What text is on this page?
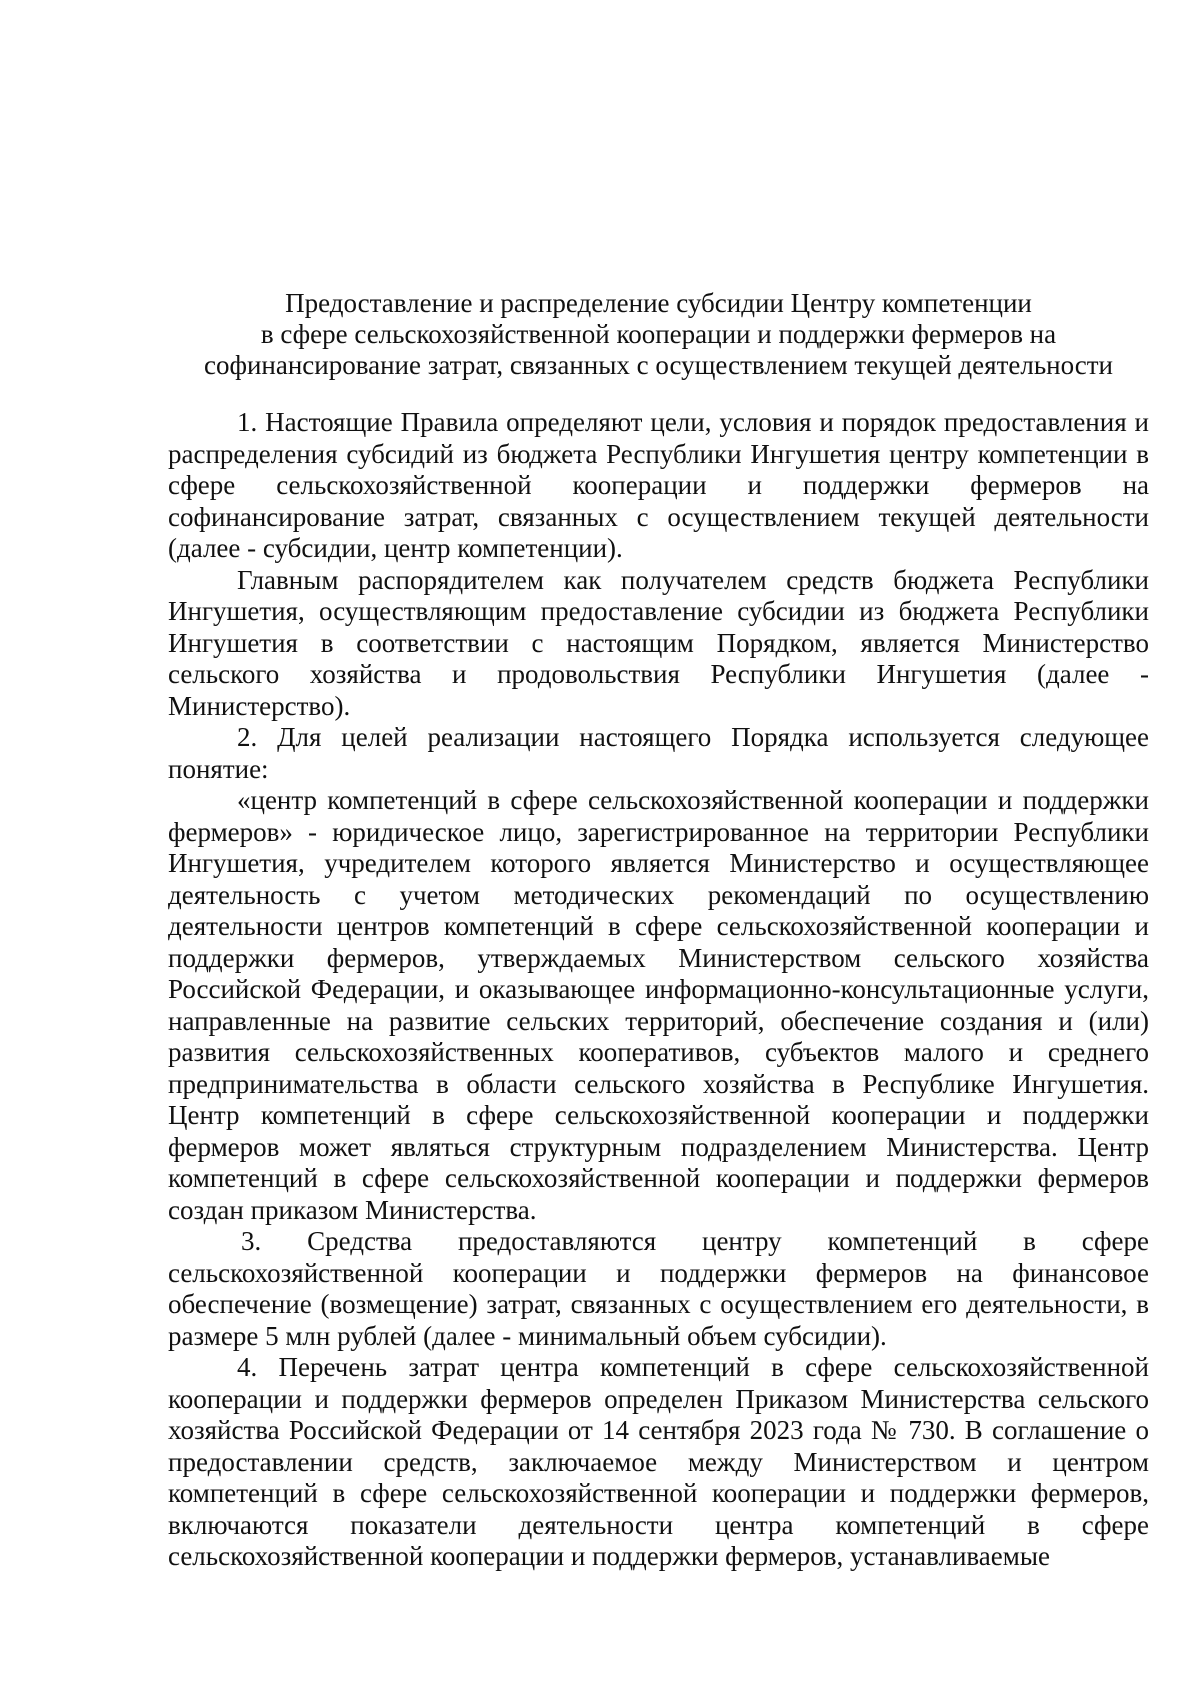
Предоставление и распределение субсидии Центру компетенции
в сфере сельскохозяйственной кооперации и поддержки фермеров на
софинансирование затрат, связанных с осуществлением текущей деятельности

1. Настоящие Правила определяют цели, условия и порядок предоставления и распределения субсидий из бюджета Республики Ингушетия центру компетенции в сфере сельскохозяйственной кооперации и поддержки фермеров на софинансирование затрат, связанных с осуществлением текущей деятельности (далее - субсидии, центр компетенции).

Главным распорядителем как получателем средств бюджета Республики Ингушетия, осуществляющим предоставление субсидии из бюджета Республики Ингушетия в соответствии с настоящим Порядком, является Министерство сельского хозяйства и продовольствия Республики Ингушетия (далее - Министерство).

2. Для целей реализации настоящего Порядка используется следующее понятие:

«центр компетенций в сфере сельскохозяйственной кооперации и поддержки фермеров» - юридическое лицо, зарегистрированное на территории Республики Ингушетия, учредителем которого является Министерство и осуществляющее деятельность с учетом методических рекомендаций по осуществлению деятельности центров компетенций в сфере сельскохозяйственной кооперации и поддержки фермеров, утверждаемых Министерством сельского хозяйства Российской Федерации, и оказывающее информационно-консультационные услуги, направленные на развитие сельских территорий, обеспечение создания и (или) развития сельскохозяйственных кооперативов, субъектов малого и среднего предпринимательства в области сельского хозяйства в Республике Ингушетия. Центр компетенций в сфере сельскохозяйственной кооперации и поддержки фермеров может являться структурным подразделением Министерства. Центр компетенций в сфере сельскохозяйственной кооперации и поддержки фермеров создан приказом Министерства.

3. Средства предоставляются центру компетенций в сфере сельскохозяйственной кооперации и поддержки фермеров на финансовое обеспечение (возмещение) затрат, связанных с осуществлением его деятельности, в размере 5 млн рублей (далее - минимальный объем субсидии).

4. Перечень затрат центра компетенций в сфере сельскохозяйственной кооперации и поддержки фермеров определен Приказом Министерства сельского хозяйства Российской Федерации от 14 сентября 2023 года № 730. В соглашение о предоставлении средств, заключаемое между Министерством и центром компетенций в сфере сельскохозяйственной кооперации и поддержки фермеров, включаются показатели деятельности центра компетенций в сфере сельскохозяйственной кооперации и поддержки фермеров, устанавливаемые
